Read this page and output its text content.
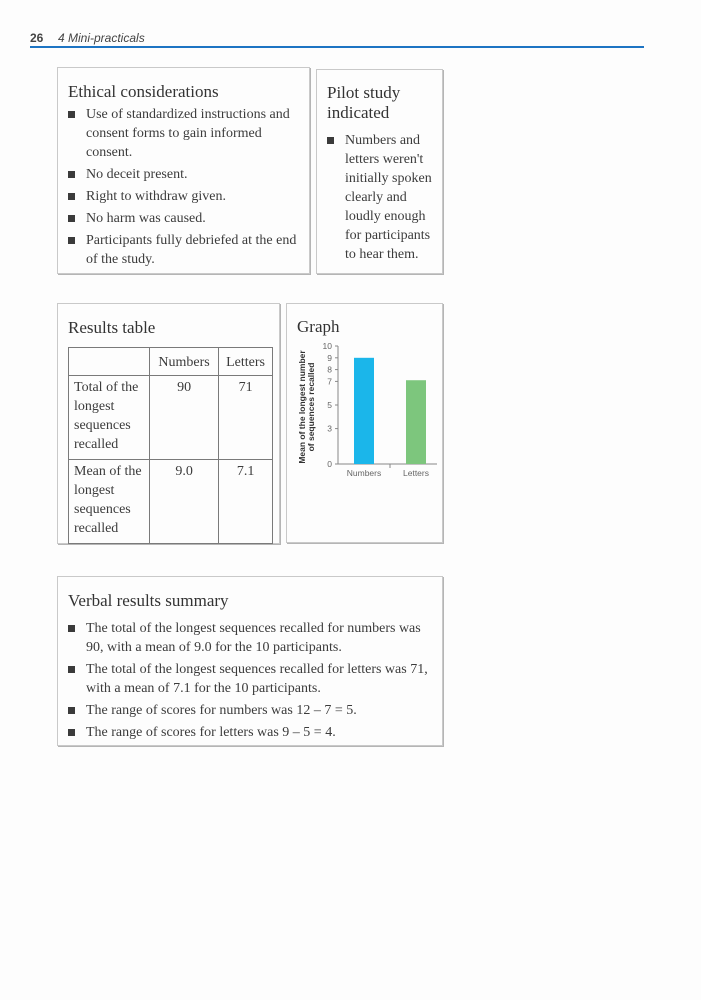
26 4 Mini-practicals
Ethical considerations
Use of standardized instructions and consent forms to gain informed consent.
No deceit present.
Right to withdraw given.
No harm was caused.
Participants fully debriefed at the end of the study.
Pilot study indicated
Numbers and letters weren't initially spoken clearly and loudly enough for participants to hear them.
Results table
	Numbers	Letters
Total of the longest sequences recalled	90	71
Mean of the longest sequences recalled	9.0	7.1
Graph
Mean of the longest number of sequences recalled
0
3
5
7
8
9
10
Numbers	Letters
Verbal results summary
The total of the longest sequences recalled for numbers was 90, with a mean of 9.0 for the 10 participants.
The total of the longest sequences recalled for letters was 71, with a mean of 7.1 for the 10 participants.
The range of scores for numbers was 12 – 7 = 5.
The range of scores for letters was 9 – 5 = 4.
